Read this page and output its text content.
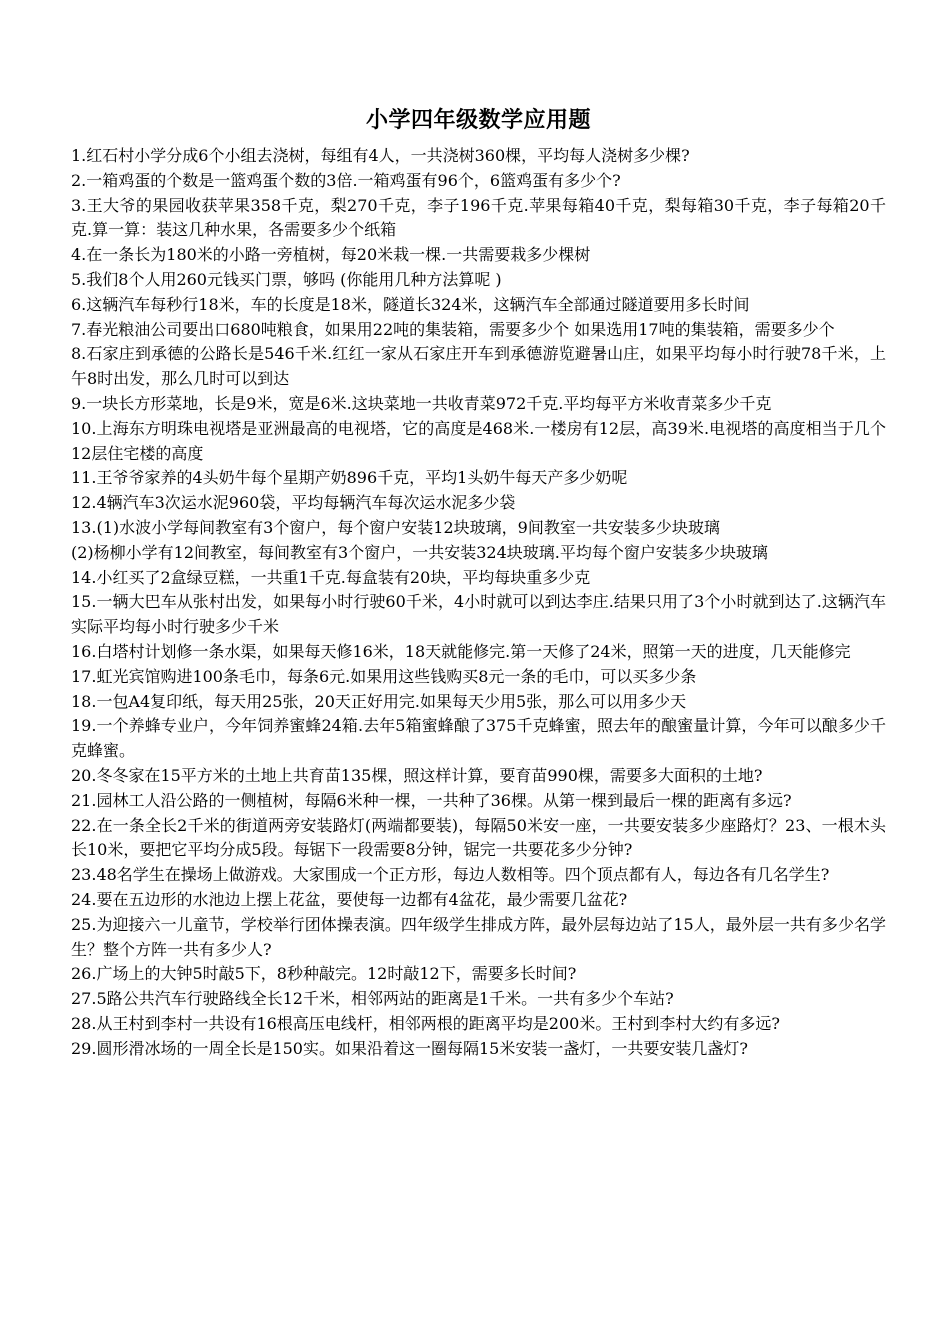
小学四年级数学应用题
1.红石村小学分成6个小组去浇树，每组有4人，一共浇树360棵，平均每人浇树多少棵?
2.一箱鸡蛋的个数是一篮鸡蛋个数的3倍.一箱鸡蛋有96个，6篮鸡蛋有多少个?
3.王大爷的果园收获苹果358千克，梨270千克，李子196千克.苹果每箱40千克，梨每箱30千克，李子每箱20千克.算一算：装这几种水果，各需要多少个纸箱
4.在一条长为180米的小路一旁植树，每20米栽一棵.一共需要栽多少棵树
5.我们8个人用260元钱买门票，够吗 (你能用几种方法算呢 )
6.这辆汽车每秒行18米，车的长度是18米，隧道长324米，这辆汽车全部通过隧道要用多长时间
7.春光粮油公司要出口680吨粮食，如果用22吨的集装箱，需要多少个 如果选用17吨的集装箱，需要多少个
8.石家庄到承德的公路长是546千米.红红一家从石家庄开车到承德游览避暑山庄，如果平均每小时行驶78千米，上午8时出发，那么几时可以到达
9.一块长方形菜地，长是9米，宽是6米.这块菜地一共收青菜972千克.平均每平方米收青菜多少千克
10.上海东方明珠电视塔是亚洲最高的电视塔，它的高度是468米.一楼房有12层，高39米.电视塔的高度相当于几个12层住宅楼的高度
11.王爷爷家养的4头奶牛每个星期产奶896千克，平均1头奶牛每天产多少奶呢
12.4辆汽车3次运水泥960袋，平均每辆汽车每次运水泥多少袋
13.(1)水波小学每间教室有3个窗户，每个窗户安装12块玻璃，9间教室一共安装多少块玻璃
(2)杨柳小学有12间教室，每间教室有3个窗户，一共安装324块玻璃.平均每个窗户安装多少块玻璃
14.小红买了2盒绿豆糕，一共重1千克.每盒装有20块，平均每块重多少克
15.一辆大巴车从张村出发，如果每小时行驶60千米，4小时就可以到达李庄.结果只用了3个小时就到达了.这辆汽车实际平均每小时行驶多少千米
16.白塔村计划修一条水渠，如果每天修16米，18天就能修完.第一天修了24米，照第一天的进度，几天能修完
17.虹光宾馆购进100条毛巾，每条6元.如果用这些钱购买8元一条的毛巾，可以买多少条
18.一包A4复印纸，每天用25张，20天正好用完.如果每天少用5张，那么可以用多少天
19.一个养蜂专业户，今年饲养蜜蜂24箱.去年5箱蜜蜂酿了375千克蜂蜜，照去年的酿蜜量计算，今年可以酿多少千克蜂蜜。
20.冬冬家在15平方米的土地上共育苗135棵，照这样计算，要育苗990棵，需要多大面积的土地?
21.园林工人沿公路的一侧植树，每隔6米种一棵，一共种了36棵。从第一棵到最后一棵的距离有多远?
22.在一条全长2千米的街道两旁安装路灯(两端都要装)，每隔50米安一座，一共要安装多少座路灯？23、一根木头长10米，要把它平均分成5段。每锯下一段需要8分钟，锯完一共要花多少分钟?
23.48名学生在操场上做游戏。大家围成一个正方形，每边人数相等。四个顶点都有人，每边各有几名学生?
24.要在五边形的水池边上摆上花盆，要使每一边都有4盆花，最少需要几盆花?
25.为迎接六一儿童节，学校举行团体操表演。四年级学生排成方阵，最外层每边站了15人，最外层一共有多少名学生？整个方阵一共有多少人?
26.广场上的大钟5时敲5下，8秒种敲完。12时敲12下，需要多长时间?
27.5路公共汽车行驶路线全长12千米，相邻两站的距离是1千米。一共有多少个车站?
28.从王村到李村一共设有16根高压电线杆，相邻两根的距离平均是200米。王村到李村大约有多远?
29.圆形滑冰场的一周全长是150实。如果沿着这一圈每隔15米安装一盏灯，一共要安装几盏灯?
